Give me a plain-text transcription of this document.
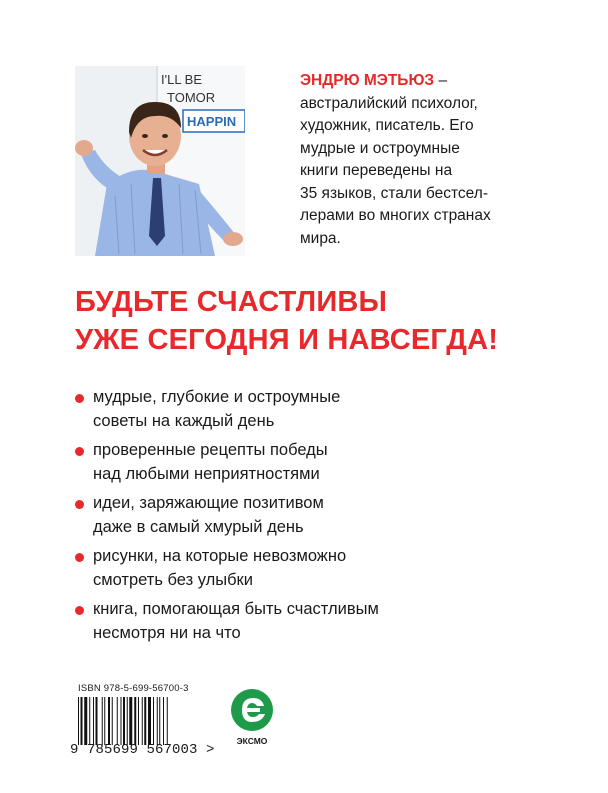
I'LL BE
TOMOR
HAPPIN
ЭНДРЮ МЭТЬЮЗ –
австралийский психолог,
художник, писатель. Его
мудрые и остроумные
книги переведены на
35 языков, стали бестсел-
лерами во многих странах
мира.
БУДЬТЕ СЧАСТЛИВЫ
УЖЕ СЕГОДНЯ И НАВСЕГДА!
мудрые, глубокие и остроумные
советы на каждый день
проверенные рецепты победы
над любыми неприятностями
идеи, заряжающие позитивом
даже в самый хмурый день
рисунки, на которые невозможно
смотреть без улыбки
книга, помогающая быть счастливым
несмотря ни на что
ISBN 978-5-699-56700-3
9 785699 567003 >
ЭКСМО
